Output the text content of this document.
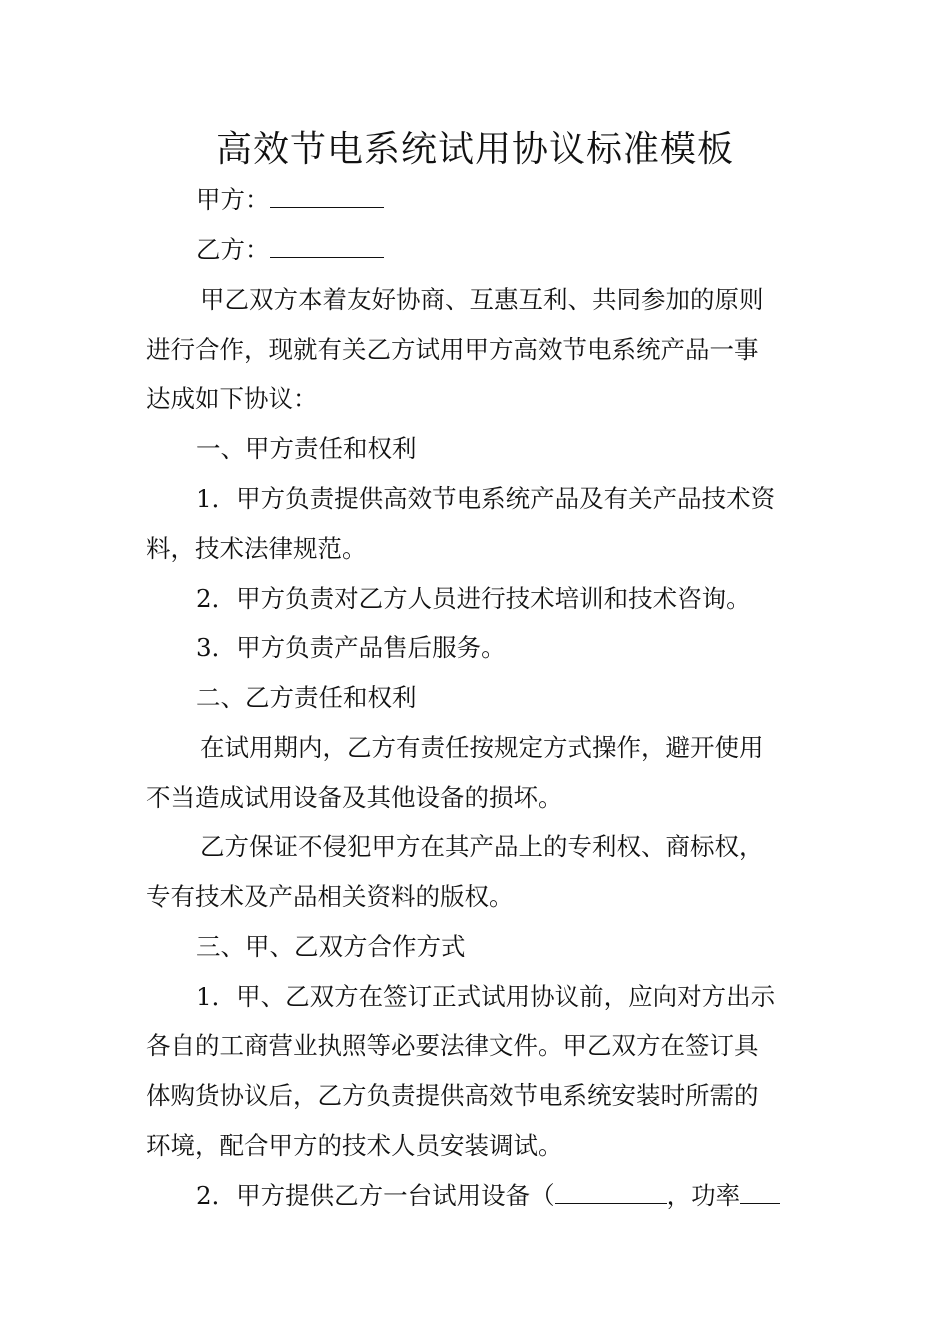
高效节电系统试用协议标准模板
甲方：
乙方：
甲乙双方本着友好协商、互惠互利、共同参加的原则
进行合作，现就有关乙方试用甲方高效节电系统产品一事
达成如下协议：
一、甲方责任和权利
1．甲方负责提供高效节电系统产品及有关产品技术资
料，技术法律规范。
2．甲方负责对乙方人员进行技术培训和技术咨询。
3．甲方负责产品售后服务。
二、乙方责任和权利
在试用期内，乙方有责任按规定方式操作，避开使用
不当造成试用设备及其他设备的损坏。
乙方保证不侵犯甲方在其产品上的专利权、商标权，
专有技术及产品相关资料的版权。
三、甲、乙双方合作方式
1．甲、乙双方在签订正式试用协议前，应向对方出示
各自的工商营业执照等必要法律文件。甲乙双方在签订具
体购货协议后，乙方负责提供高效节电系统安装时所需的
环境，配合甲方的技术人员安装调试。
2．甲方提供乙方一台试用设备（	，功率
